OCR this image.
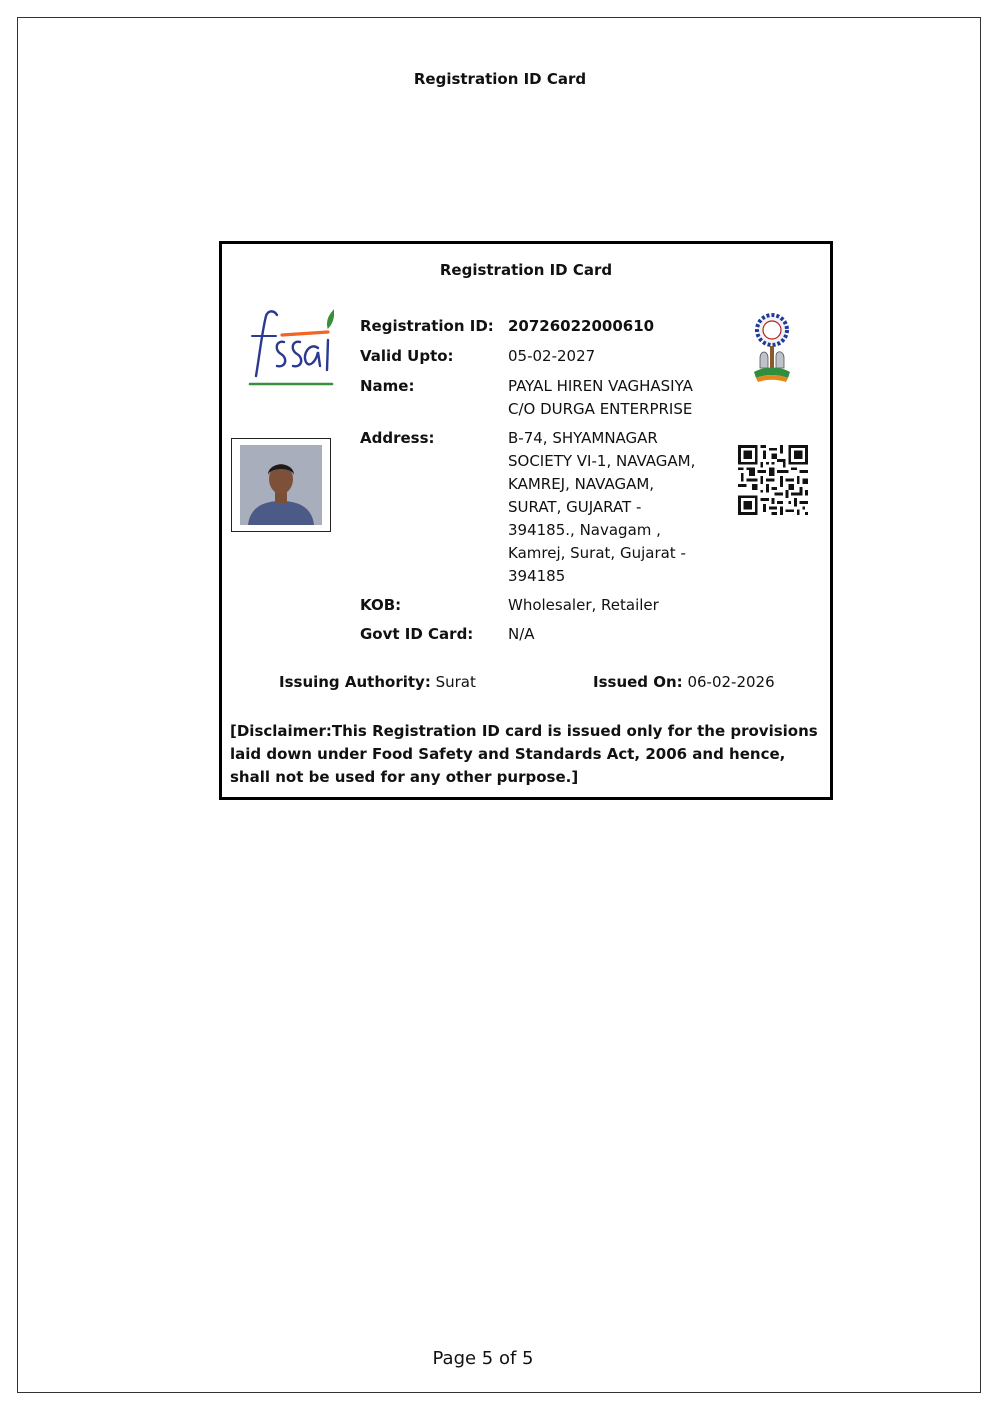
Registration ID Card
Registration ID Card
Registration ID:
Valid Upto:
Name:
Address:
KOB:
Govt ID Card:
20726022000610
05-02-2027
PAYAL HIREN VAGHASIYA
C/O DURGA ENTERPRISE
B-74, SHYAMNAGAR
SOCIETY VI-1, NAVAGAM,
KAMREJ, NAVAGAM,
SURAT, GUJARAT -
394185., Navagam ,
Kamrej, Surat, Gujarat -
394185
Wholesaler, Retailer
N/A
Issuing Authority: Surat	Issued On: 06-02-2026
[Disclaimer:This Registration ID card is issued only for the provisions laid down under Food Safety and Standards Act, 2006 and hence, shall not be used for any other purpose.]
Page 5 of 5
